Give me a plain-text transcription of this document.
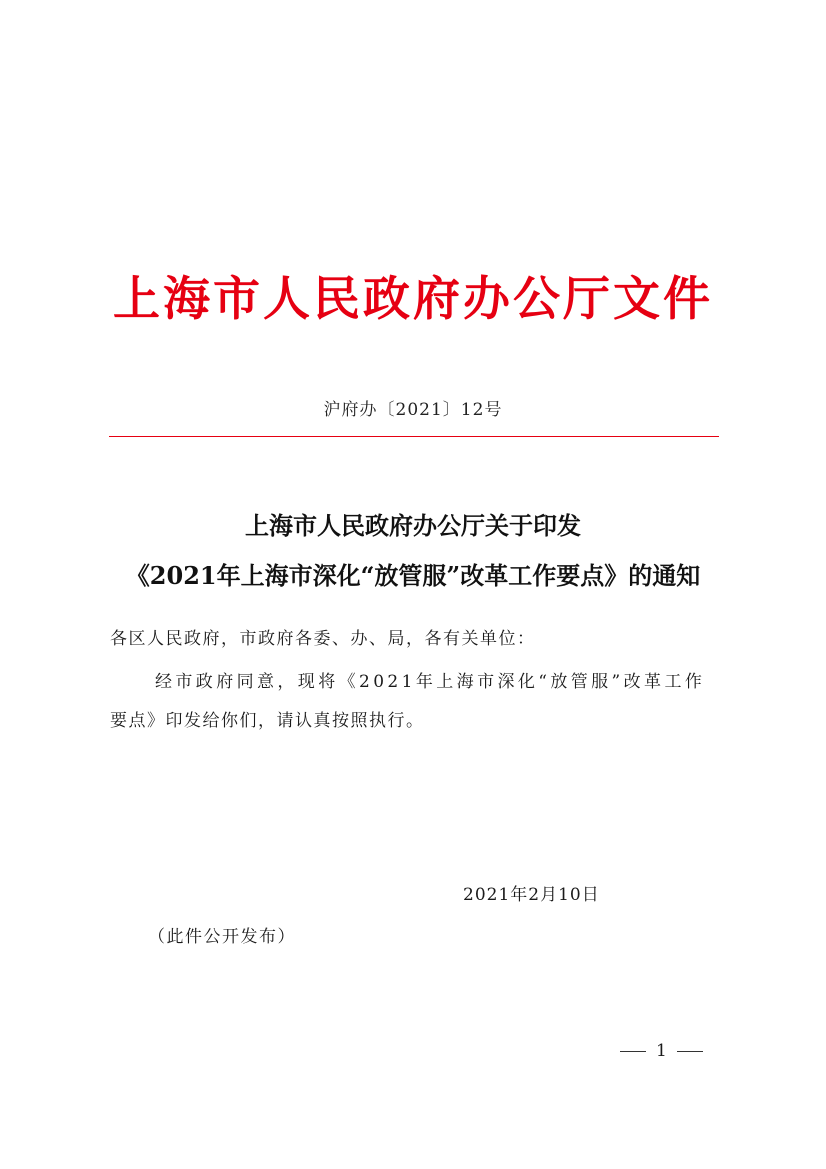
上海市人民政府办公厅文件
沪府办〔2021〕12号
上海市人民政府办公厅关于印发
《2021年上海市深化“放管服”改革工作要点》的通知
各区人民政府，市政府各委、办、局，各有关单位：
经市政府同意，现将《2021年上海市深化“放管服”改革工作
要点》印发给你们，请认真按照执行。
2021年2月10日
（此件公开发布）
1
